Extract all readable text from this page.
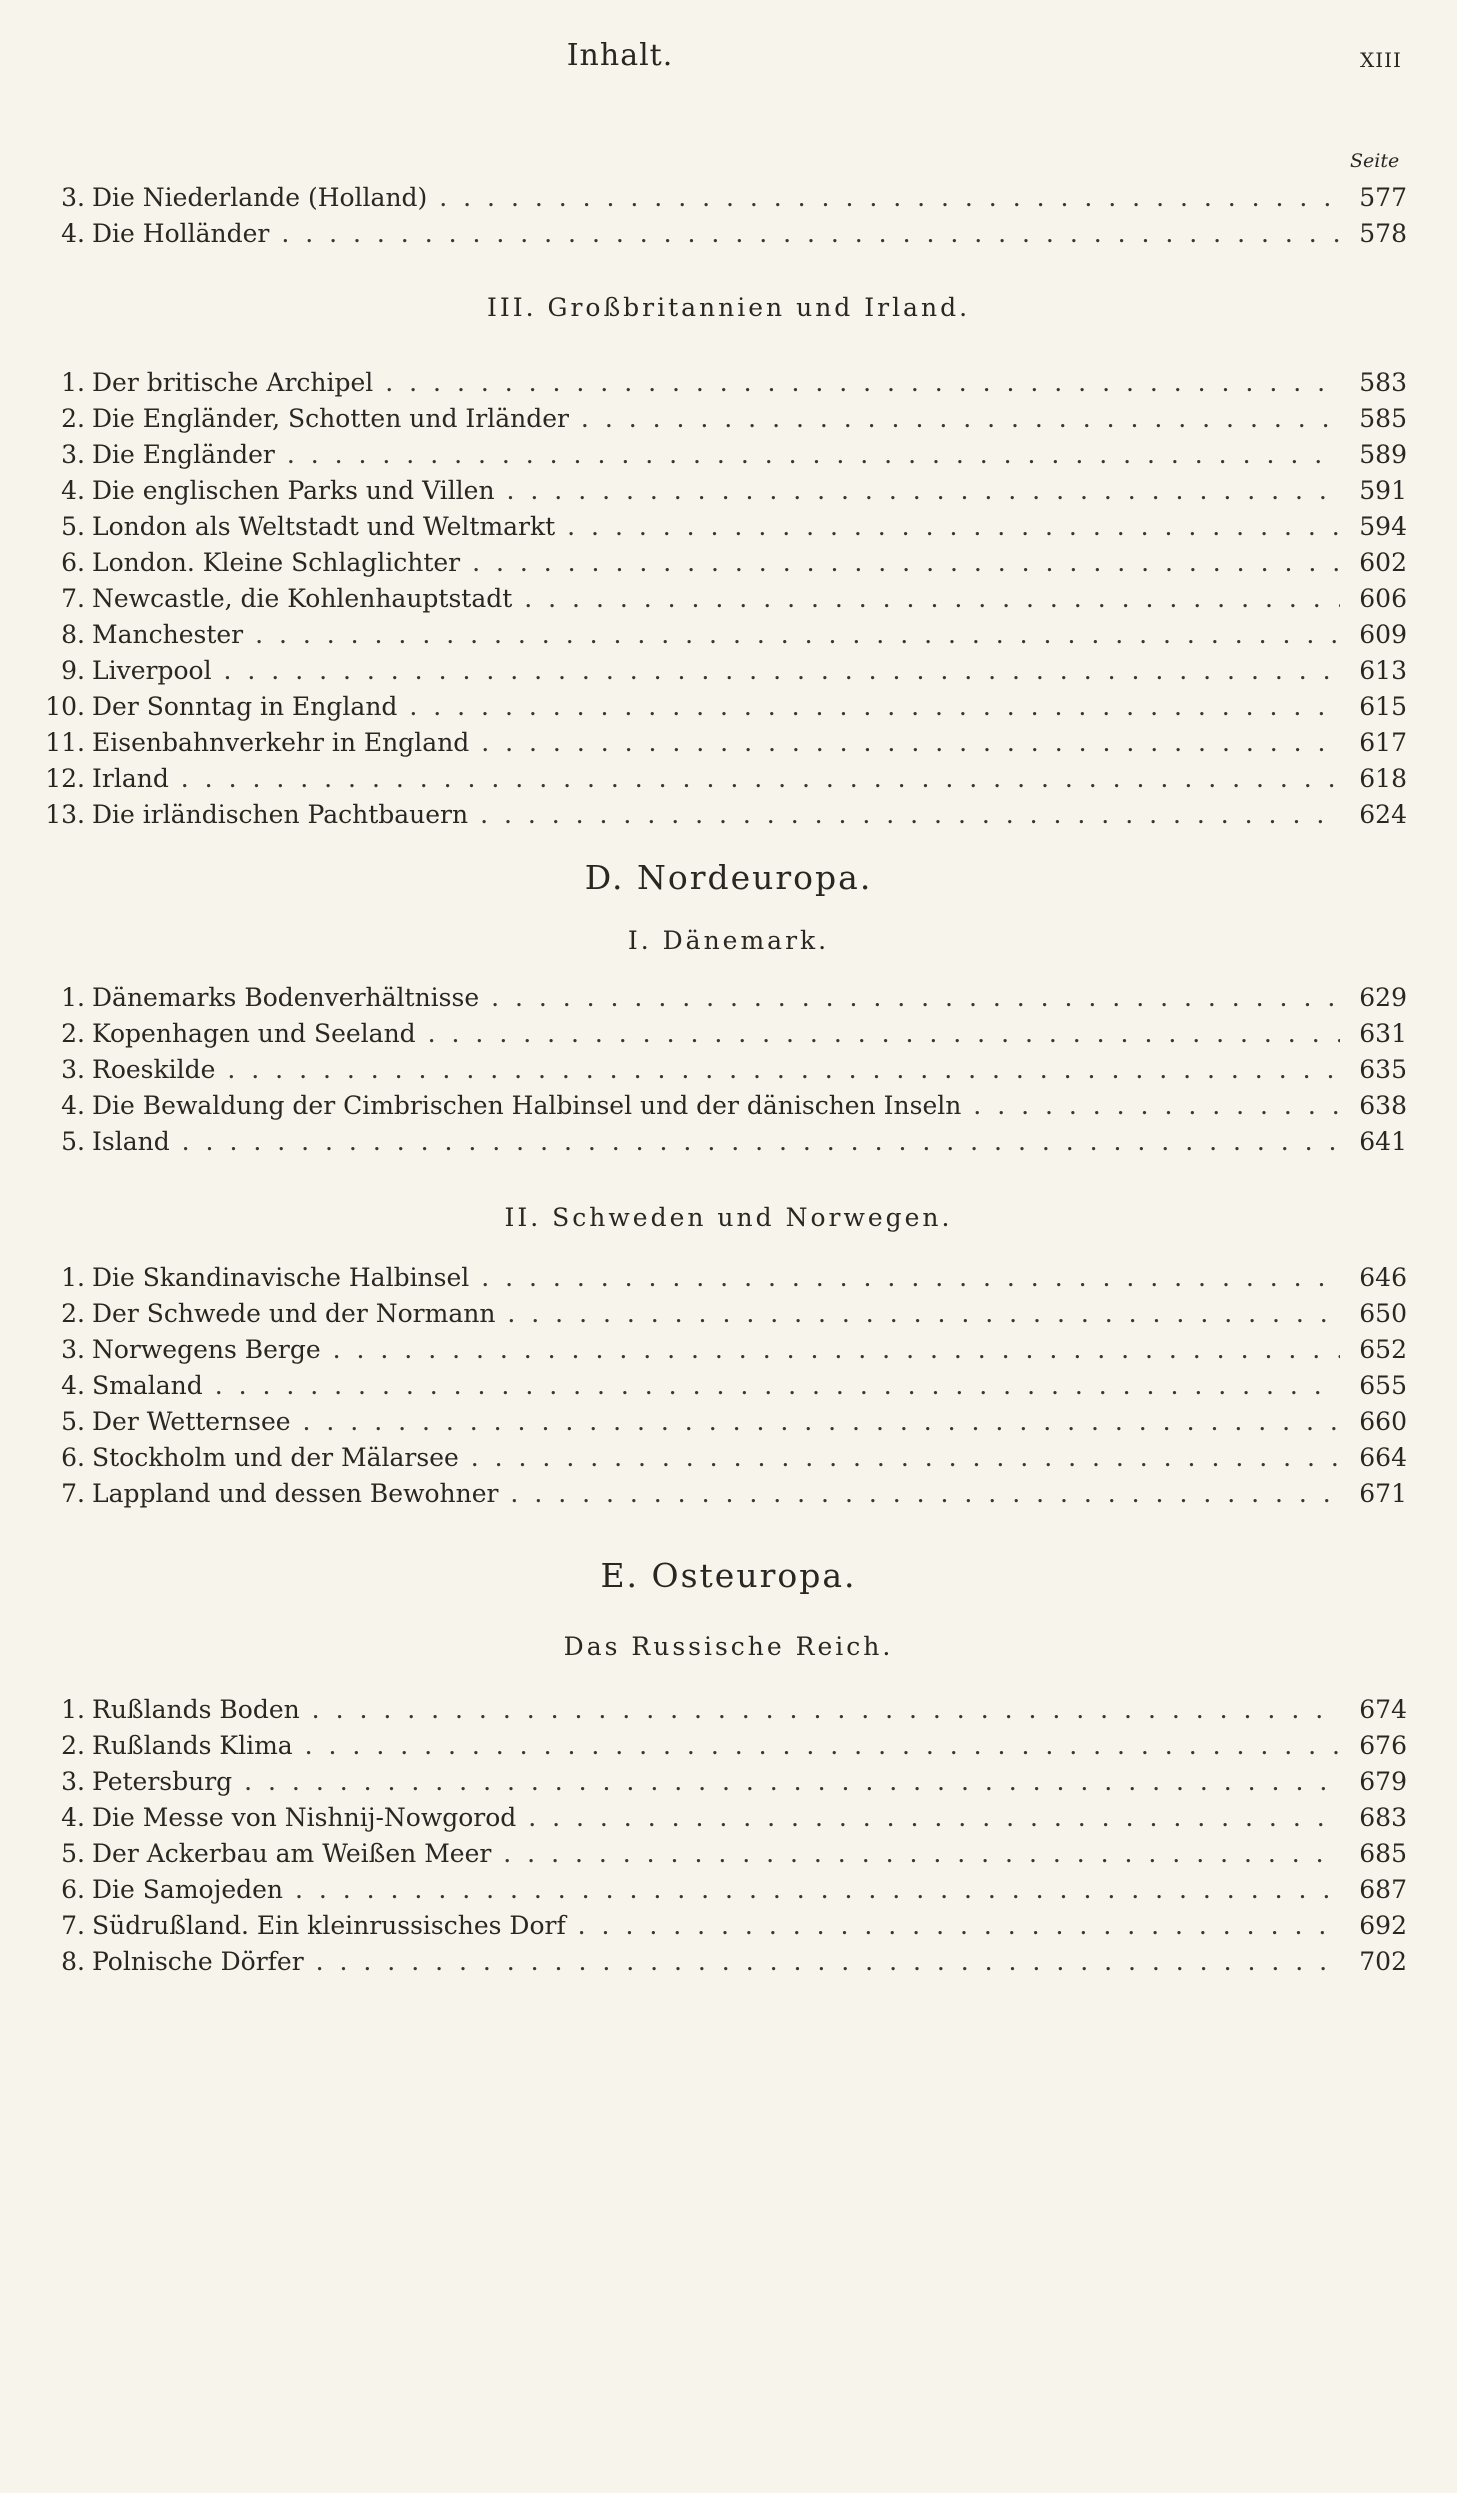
Inhalt.	XIII
Seite
3. Die Niederlande (Holland) . . .	577
4. Die Holländer . . .	578
III. Großbritannien und Irland.
1. Der britische Archipel . . .	583
2. Die Engländer, Schotten und Irländer . . .	585
3. Die Engländer . . .	589
4. Die englischen Parks und Villen . . .	591
5. London als Weltstadt und Weltmarkt . . .	594
6. London. Kleine Schlaglichter . . .	602
7. Newcastle, die Kohlenhauptstadt . . .	606
8. Manchester . . .	609
9. Liverpool . . .	613
10. Der Sonntag in England . . .	615
11. Eisenbahnverkehr in England . . .	617
12. Irland . . .	618
13. Die irländischen Pachtbauern . . .	624
D. Nordeuropa.
I. Dänemark.
1. Dänemarks Bodenverhältnisse . . .	629
2. Kopenhagen und Seeland . . .	631
3. Roeskilde . . .	635
4. Die Bewaldung der Cimbrischen Halbinsel und der dänischen Inseln . . .	638
5. Island . . .	641
II. Schweden und Norwegen.
1. Die Skandinavische Halbinsel . . .	646
2. Der Schwede und der Normann . . .	650
3. Norwegens Berge . . .	652
4. Smaland . . .	655
5. Der Wetternsee . . .	660
6. Stockholm und der Mälarsee . . .	664
7. Lappland und dessen Bewohner . . .	671
E. Osteuropa.
Das Russische Reich.
1. Rußlands Boden . . .	674
2. Rußlands Klima . . .	676
3. Petersburg . . .	679
4. Die Messe von Nishnij-Nowgorod . . .	683
5. Der Ackerbau am Weißen Meer . . .	685
6. Die Samojeden . . .	687
7. Südrußland. Ein kleinrussisches Dorf . . .	692
8. Polnische Dörfer . . .	702
